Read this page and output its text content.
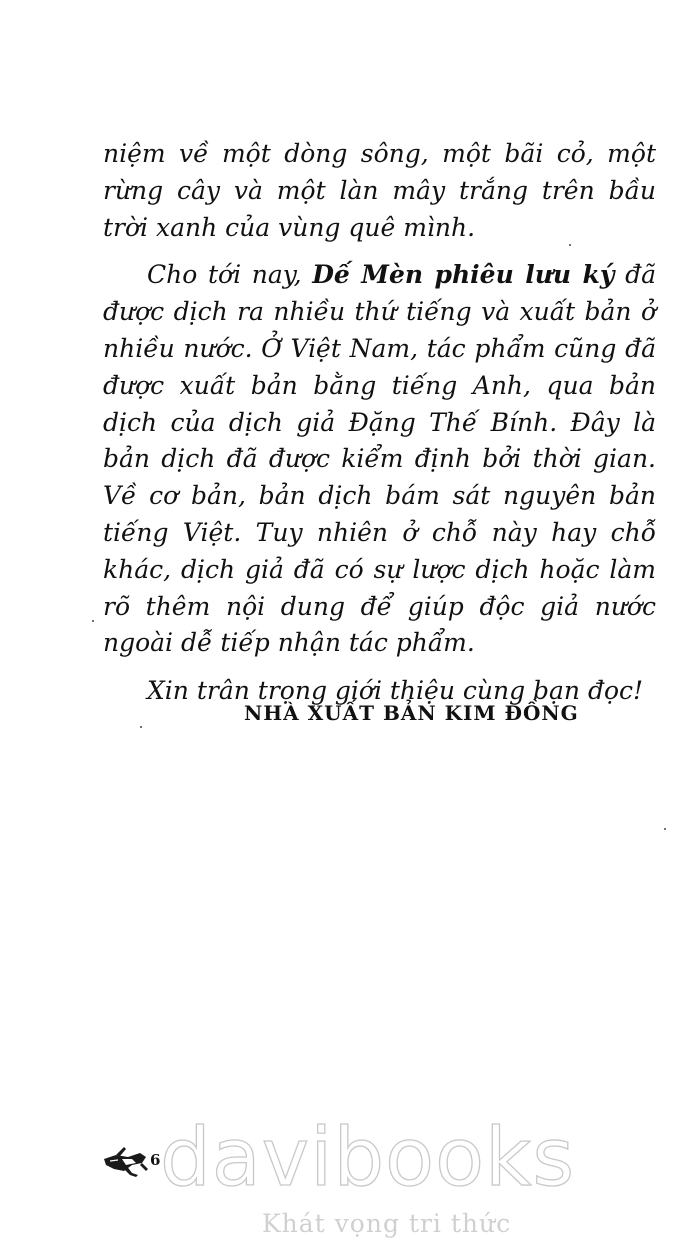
niệm về một dòng sông, một bãi cỏ, một rừng cây và một làn mây trắng trên bầu trời xanh của vùng quê mình.

Cho tới nay, Dế Mèn phiêu lưu ký đã được dịch ra nhiều thứ tiếng và xuất bản ở nhiều nước. Ở Việt Nam, tác phẩm cũng đã được xuất bản bằng tiếng Anh, qua bản dịch của dịch giả Đặng Thế Bính. Đây là bản dịch đã được kiểm định bởi thời gian. Về cơ bản, bản dịch bám sát nguyên bản tiếng Việt. Tuy nhiên ở chỗ này hay chỗ khác, dịch giả đã có sự lược dịch hoặc làm rõ thêm nội dung để giúp độc giả nước ngoài dễ tiếp nhận tác phẩm.

Xin trân trọng giới thiệu cùng bạn đọc!

NHÀ XUẤT BẢN KIM ĐỒNG
6 davibooks
Khát vọng tri thức
